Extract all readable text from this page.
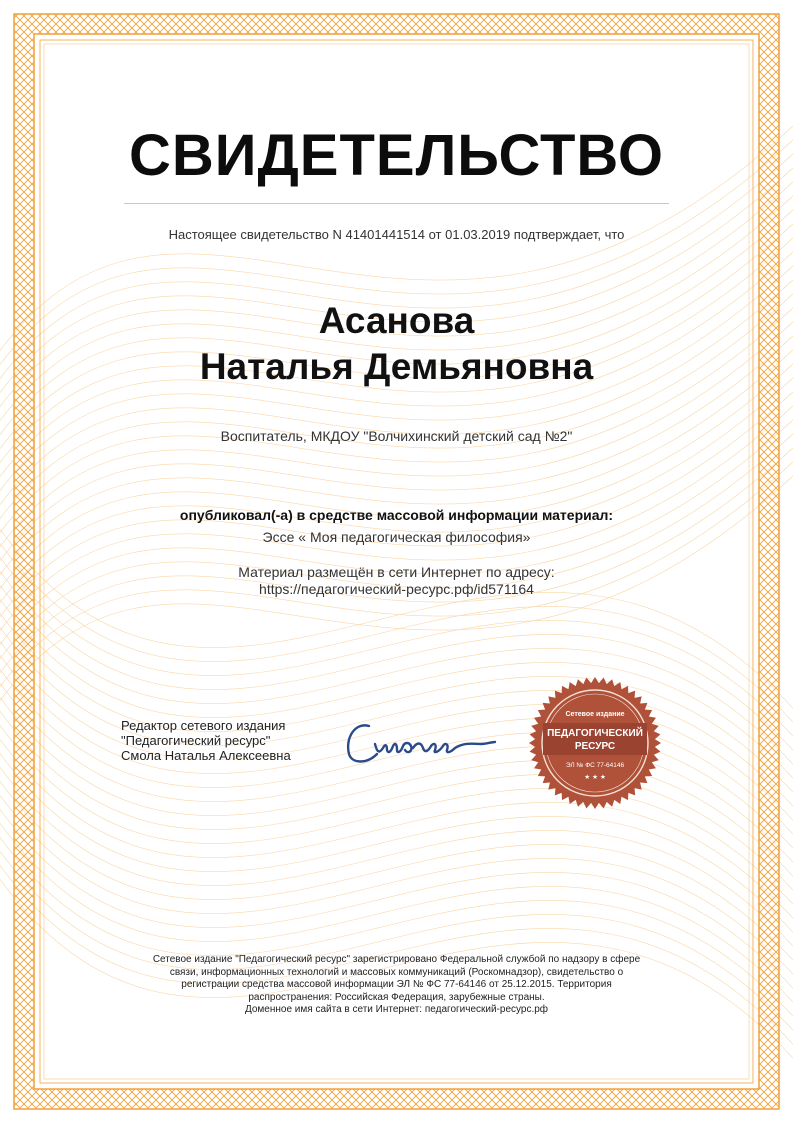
СВИДЕТЕЛЬСТВО
Настоящее свидетельство N 41401441514 от 01.03.2019 подтверждает, что
Асанова
Наталья Демьяновна
Воспитатель, МКДОУ "Волчихинский детский сад №2"
опубликовал(-а) в средстве массовой информации материал:
Эссе « Моя педагогическая философия»
Материал размещён в сети Интернет по адресу:
https://педагогический-ресурс.рф/id571164
Редактор сетевого издания
"Педагогический ресурс"
Смола Наталья Алексеевна
Сетевое издание
ПЕДАГОГИЧЕСКИЙ
РЕСУРС
ЭЛ № ФС 77-64146
★ ★ ★
Сетевое издание "Педагогический ресурс" зарегистрировано Федеральной службой по надзору в сфере
связи, информационных технологий и массовых коммуникаций (Роскомнадзор), свидетельство о
регистрации средства массовой информации ЭЛ № ФС 77-64146 от 25.12.2015. Территория
распространения: Российская Федерация, зарубежные страны.
Доменное имя сайта в сети Интернет: педагогический-ресурс.рф
